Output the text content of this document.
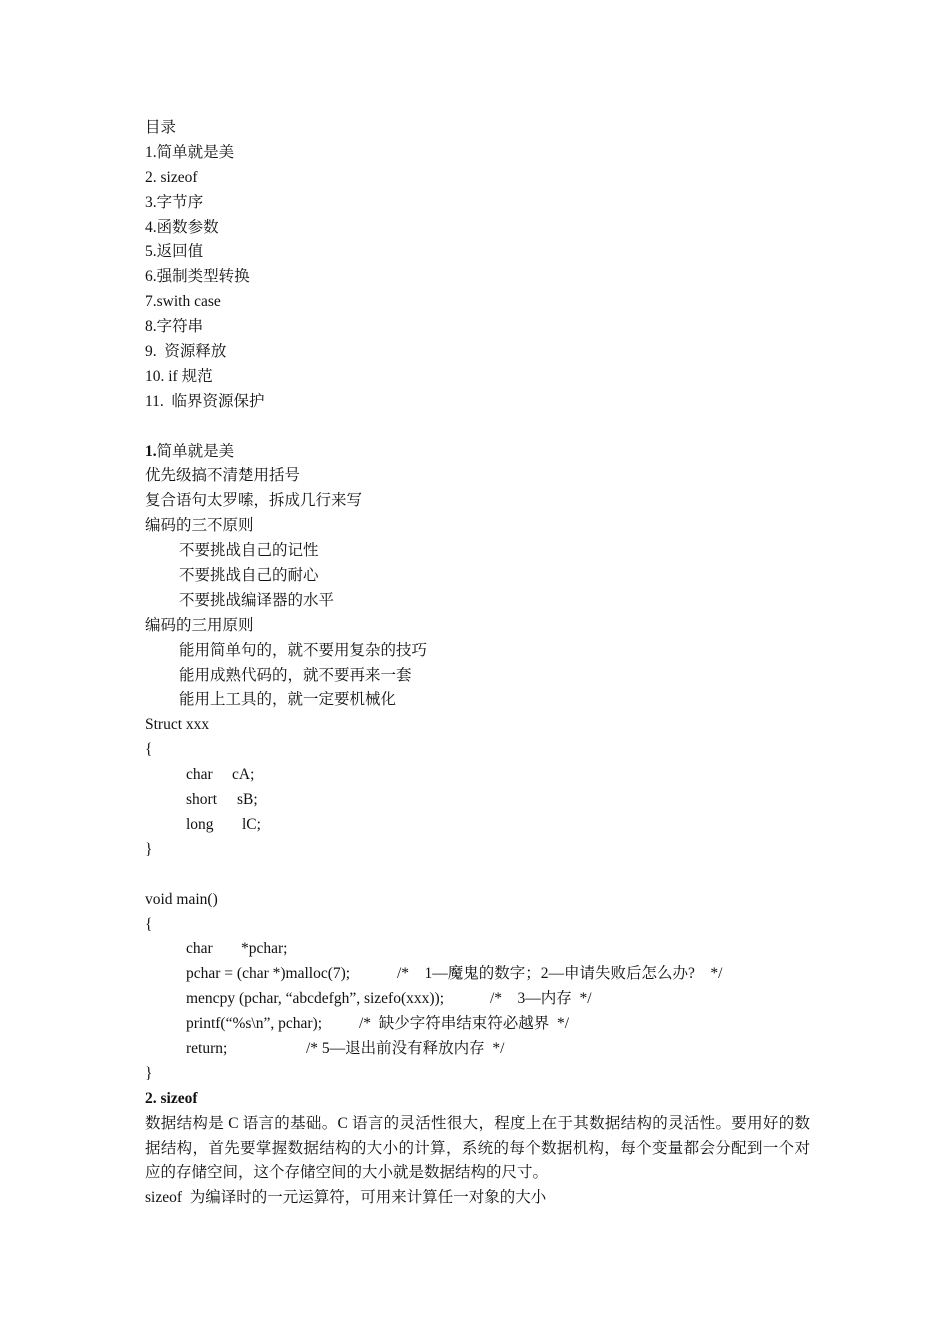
目录
1.简单就是美
2. sizeof
3.字节序
4.函数参数
5.返回值
6.强制类型转换
7.swith case
8.字符串
9.  资源释放
10. if 规范
11.  临界资源保护
1.简单就是美
优先级搞不清楚用括号
复合语句太罗嗦，拆成几行来写
编码的三不原则
不要挑战自己的记性
不要挑战自己的耐心
不要挑战编译器的水平
编码的三用原则
能用简单句的，就不要用复杂的技巧
能用成熟代码的，就不要再来一套
能用上工具的，就一定要机械化
Struct xxx
{
char	cA;
short	sB;
long	lC;
}
void main()
{
char	*pchar;
pchar = (char *)malloc(7);	/*    1—魔鬼的数字；2—申请失败后怎么办?    */
mencpy (pchar, “abcdefgh”, sizefo(xxx));	/*    3—内存  */
printf(“%s\n”, pchar);	/*  缺少字符串结束符必越界  */
return;	/* 5—退出前没有释放内存  */
}
2. sizeof
数据结构是 C 语言的基础。C 语言的灵活性很大，程度上在于其数据结构的灵活性。要用好的数据结构，首先要掌握数据结构的大小的计算，系统的每个数据机构，每个变量都会分配到一个对应的存储空间，这个存储空间的大小就是数据结构的尺寸。
sizeof  为编译时的一元运算符，可用来计算任一对象的大小
